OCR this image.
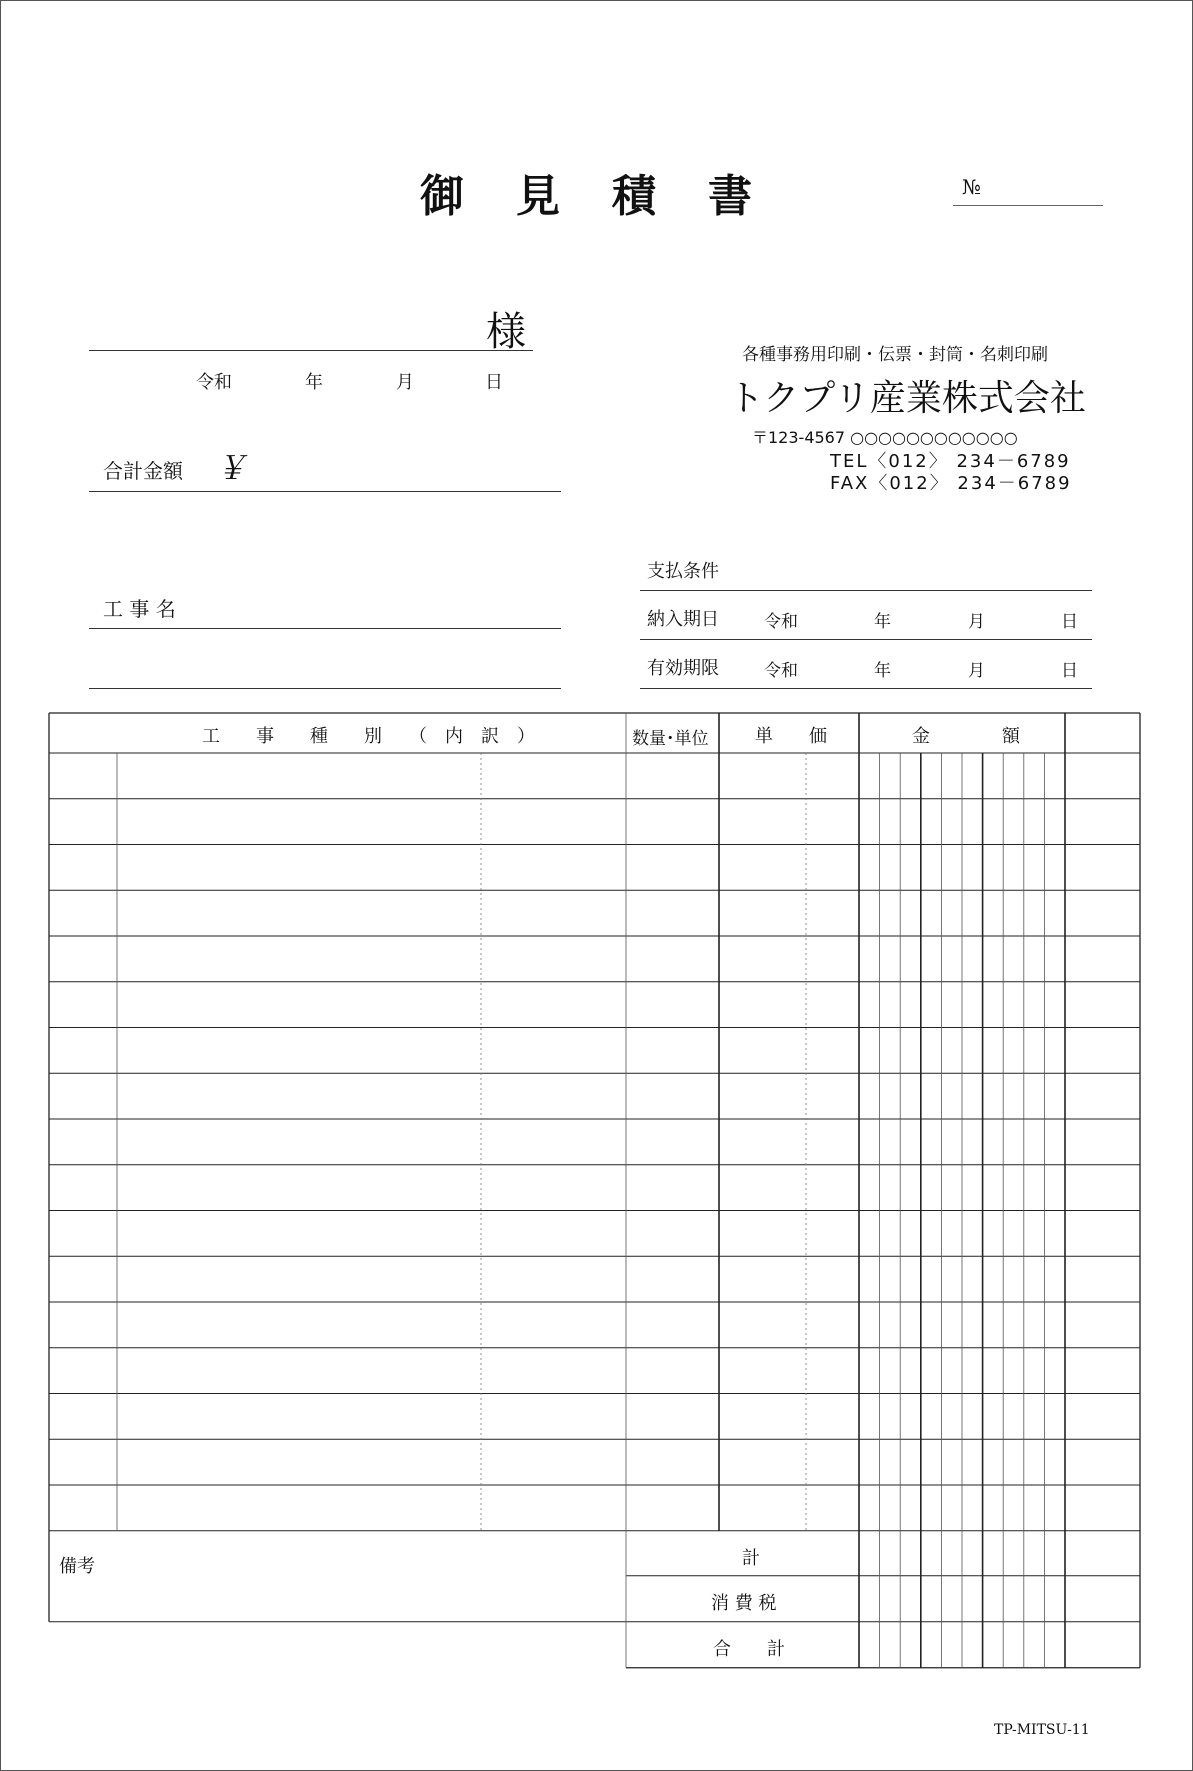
御見積書	№
様
令和	年	月	日
合計金額 ￥
各種事務用印刷・伝票・封筒・名刺印刷
トクプリ産業株式会社
〒123-4567 ○○○○○○○○○○○○
TEL〈012〉 234－6789
FAX〈012〉 234－6789
工 事 名
支払条件
納入期日	令和	年	月	日
有効期限	令和	年	月	日
工　　事　　種　　別　　（　内　訳　）	数量･単位	単　　価	金　　　　額
備考	計
消 費 税
合　　計
TP-MITSU-11
